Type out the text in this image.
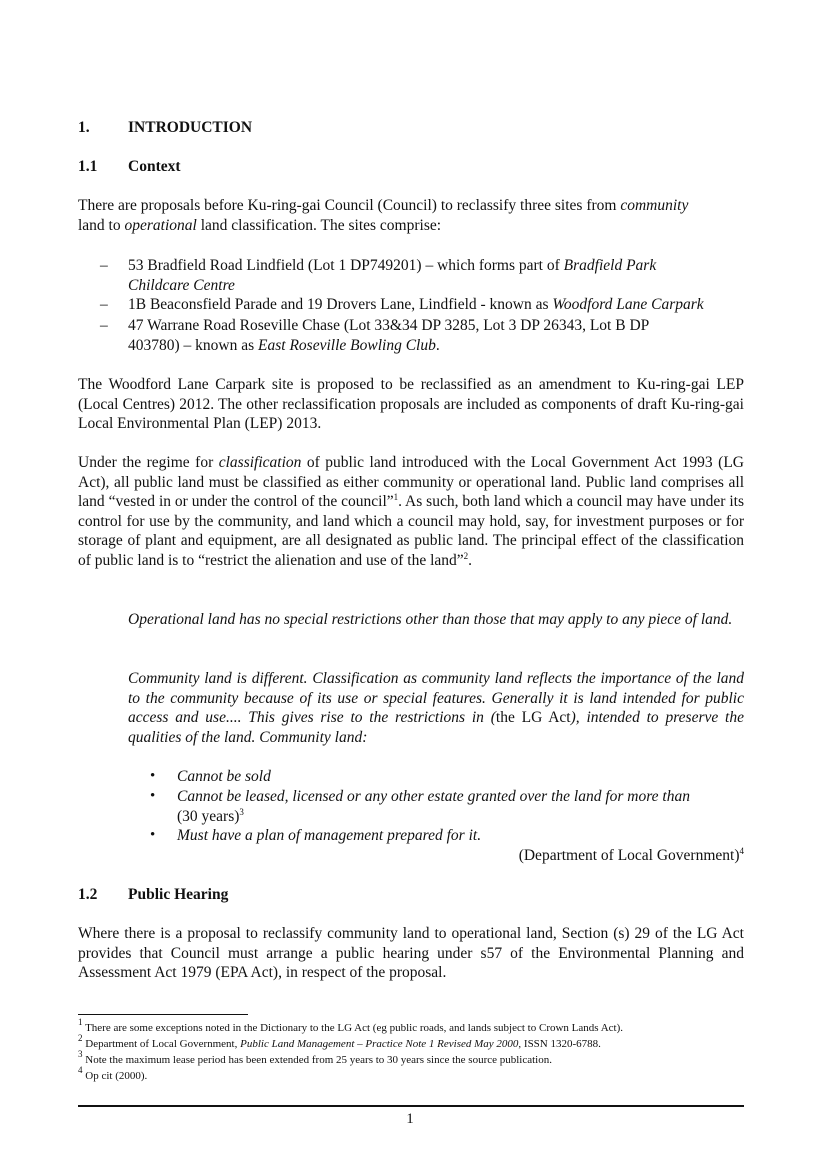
1. INTRODUCTION
1.1 Context
There are proposals before Ku-ring-gai Council (Council) to reclassify three sites from community
land to operational land classification. The sites comprise:
– 53 Bradfield Road Lindfield (Lot 1 DP749201) – which forms part of Bradfield Park
Childcare Centre
– 1B Beaconsfield Parade and 19 Drovers Lane, Lindfield - known as Woodford Lane Carpark
– 47 Warrane Road Roseville Chase (Lot 33&34 DP 3285, Lot 3 DP 26343, Lot B DP
403780) – known as East Roseville Bowling Club.
The Woodford Lane Carpark site is proposed to be reclassified as an amendment to Ku-ring-gai LEP (Local Centres) 2012. The other reclassification proposals are included as components of draft Ku-ring-gai Local Environmental Plan (LEP) 2013.
Under the regime for classification of public land introduced with the Local Government Act 1993 (LG Act), all public land must be classified as either community or operational land. Public land comprises all land “vested in or under the control of the council”$^1$. As such, both land which a council may have under its control for use by the community, and land which a council may hold, say, for investment purposes or for storage of plant and equipment, are all designated as public land. The principal effect of the classification of public land is to “restrict the alienation and use of the land”$^2$.
Operational land has no special restrictions other than those that may apply to any piece of land.
Community land is different. Classification as community land reflects the importance of the land to the community because of its use or special features. Generally it is land intended for public access and use.... This gives rise to the restrictions in (the LG Act), intended to preserve the qualities of the land. Community land:
• Cannot be sold
• Cannot be leased, licensed or any other estate granted over the land for more than
(30 years)$^3$
• Must have a plan of management prepared for it.
(Department of Local Government)$^4$
1.2 Public Hearing
Where there is a proposal to reclassify community land to operational land, Section (s) 29 of the LG Act provides that Council must arrange a public hearing under s57 of the Environmental Planning and Assessment Act 1979 (EPA Act), in respect of the proposal.
$^1$ There are some exceptions noted in the Dictionary to the LG Act (eg public roads, and lands subject to Crown Lands Act).
$^2$ Department of Local Government, Public Land Management – Practice Note 1 Revised May 2000, ISSN 1320-6788.
$^3$ Note the maximum lease period has been extended from 25 years to 30 years since the source publication.
$^4$ Op cit (2000).
1
